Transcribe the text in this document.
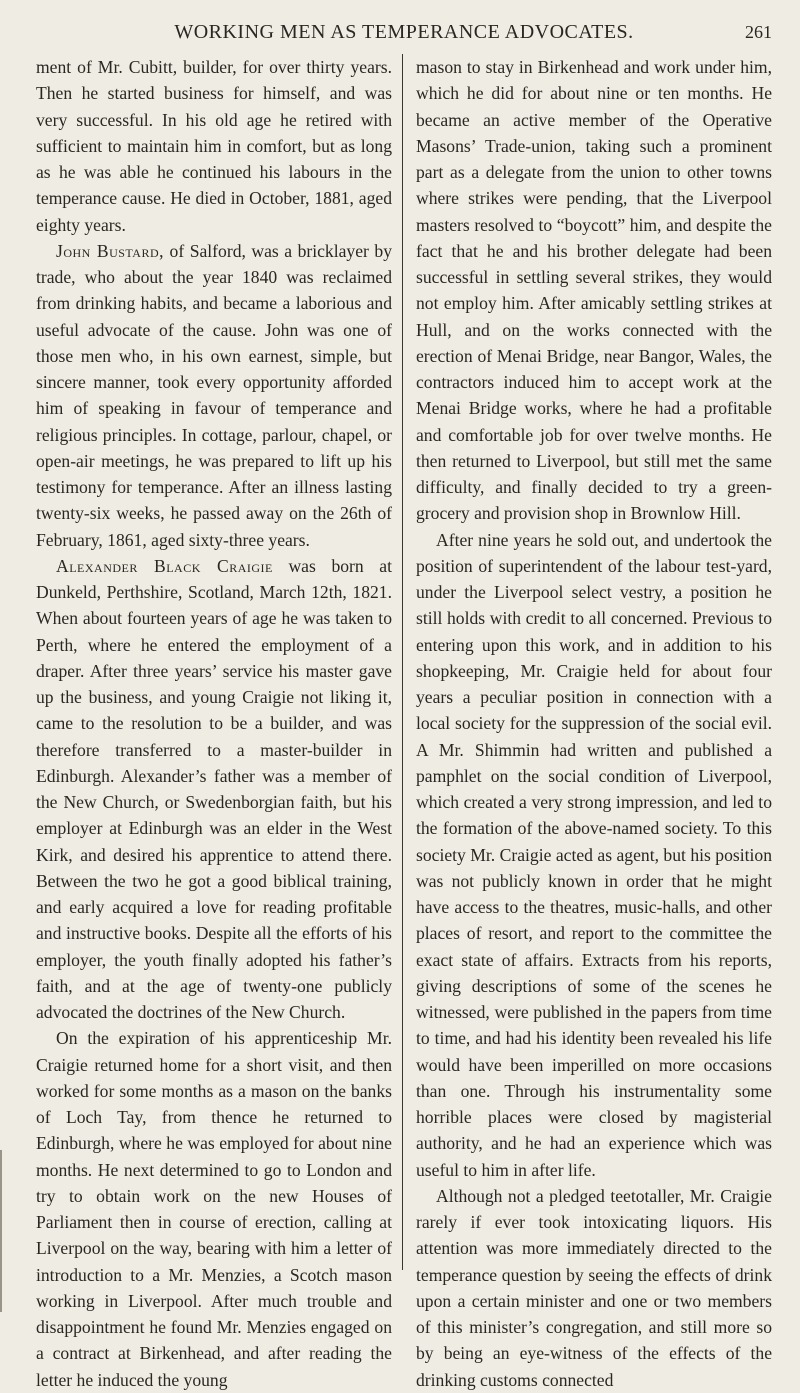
WORKING MEN AS TEMPERANCE ADVOCATES.	261

ment of Mr. Cubitt, builder, for over thirty years. Then he started business for himself, and was very successful. In his old age he retired with sufficient to maintain him in comfort, but as long as he was able he continued his labours in the temperance cause. He died in October, 1881, aged eighty years.

John Bustard, of Salford, was a bricklayer by trade, who about the year 1840 was reclaimed from drinking habits, and became a laborious and useful advocate of the cause. John was one of those men who, in his own earnest, simple, but sincere manner, took every opportunity afforded him of speaking in favour of temperance and religious principles. In cottage, parlour, chapel, or open-air meetings, he was prepared to lift up his testimony for temperance. After an illness lasting twenty-six weeks, he passed away on the 26th of February, 1861, aged sixty-three years.

Alexander Black Craigie was born at Dunkeld, Perthshire, Scotland, March 12th, 1821. When about fourteen years of age he was taken to Perth, where he entered the employment of a draper. After three years’ service his master gave up the business, and young Craigie not liking it, came to the resolution to be a builder, and was therefore transferred to a master-builder in Edinburgh. Alexander’s father was a member of the New Church, or Swedenborgian faith, but his employer at Edinburgh was an elder in the West Kirk, and desired his apprentice to attend there. Between the two he got a good biblical training, and early acquired a love for reading profitable and instructive books. Despite all the efforts of his employer, the youth finally adopted his father’s faith, and at the age of twenty-one publicly advocated the doctrines of the New Church.

On the expiration of his apprenticeship Mr. Craigie returned home for a short visit, and then worked for some months as a mason on the banks of Loch Tay, from thence he returned to Edinburgh, where he was employed for about nine months. He next determined to go to London and try to obtain work on the new Houses of Parliament then in course of erection, calling at Liverpool on the way, bearing with him a letter of introduction to a Mr. Menzies, a Scotch mason working in Liverpool. After much trouble and disappointment he found Mr. Menzies engaged on a contract at Birkenhead, and after reading the letter he induced the young

mason to stay in Birkenhead and work under him, which he did for about nine or ten months. He became an active member of the Operative Masons’ Trade-union, taking such a prominent part as a delegate from the union to other towns where strikes were pending, that the Liverpool masters resolved to “boycott” him, and despite the fact that he and his brother delegate had been successful in settling several strikes, they would not employ him. After amicably settling strikes at Hull, and on the works connected with the erection of Menai Bridge, near Bangor, Wales, the contractors induced him to accept work at the Menai Bridge works, where he had a profitable and comfortable job for over twelve months. He then returned to Liverpool, but still met the same difficulty, and finally decided to try a green-grocery and provision shop in Brownlow Hill.

After nine years he sold out, and undertook the position of superintendent of the labour test-yard, under the Liverpool select vestry, a position he still holds with credit to all concerned. Previous to entering upon this work, and in addition to his shopkeeping, Mr. Craigie held for about four years a peculiar position in connection with a local society for the suppression of the social evil. A Mr. Shimmin had written and published a pamphlet on the social condition of Liverpool, which created a very strong impression, and led to the formation of the above-named society. To this society Mr. Craigie acted as agent, but his position was not publicly known in order that he might have access to the theatres, music-halls, and other places of resort, and report to the committee the exact state of affairs. Extracts from his reports, giving descriptions of some of the scenes he witnessed, were published in the papers from time to time, and had his identity been revealed his life would have been imperilled on more occasions than one. Through his instrumentality some horrible places were closed by magisterial authority, and he had an experience which was useful to him in after life.

Although not a pledged teetotaller, Mr. Craigie rarely if ever took intoxicating liquors. His attention was more immediately directed to the temperance question by seeing the effects of drink upon a certain minister and one or two members of this minister’s congregation, and still more so by being an eye-witness of the effects of the drinking customs connected
